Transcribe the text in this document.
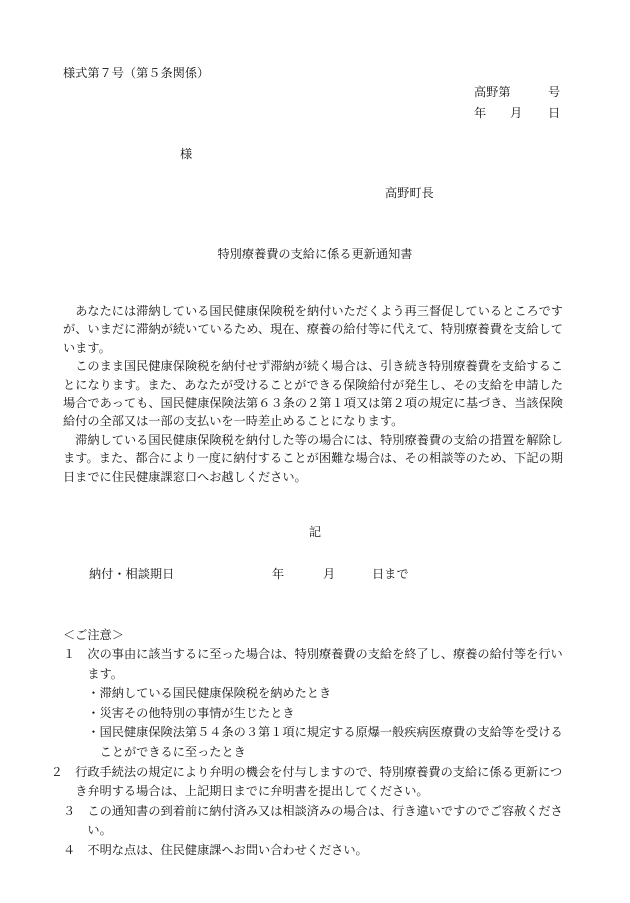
様式第７号（第５条関係）
高野第	号
年 月 日
様
高野町長
特別療養費の支給に係る更新通知書

あなたには滞納している国民健康保険税を納付いただくよう再三督促しているところですが、いまだに滞納が続いているため、現在、療養の給付等に代えて、特別療養費を支給しています。

このまま国民健康保険税を納付せず滞納が続く場合は、引き続き特別療養費を支給することになります。また、あなたが受けることができる保険給付が発生し、その支給を申請した場合であっても、国民健康保険法第６３条の２第１項又は第２項の規定に基づき、当該保険給付の全部又は一部の支払いを一時差止めることになります。

滞納している国民健康保険税を納付した等の場合には、特別療養費の支給の措置を解除します。また、都合により一度に納付することが困難な場合は、その相談等のため、下記の期日までに住民健康課窓口へお越しください。

記
納付・相談期日	年	月	日まで
＜ご注意＞
１ 次の事由に該当するに至った場合は、特別療養費の支給を終了し、療養の給付等を行います。
・滞納している国民健康保険税を納めたとき
・災害その他特別の事情が生じたとき
・国民健康保険法第５４条の３第１項に規定する原爆一般疾病医療費の支給等を受けることができるに至ったとき
２ 行政手続法の規定により弁明の機会を付与しますので、特別療養費の支給に係る更新につき弁明する場合は、上記期日までに弁明書を提出してください。
３ この通知書の到着前に納付済み又は相談済みの場合は、行き違いですのでご容赦ください。
４ 不明な点は、住民健康課へお問い合わせください。
